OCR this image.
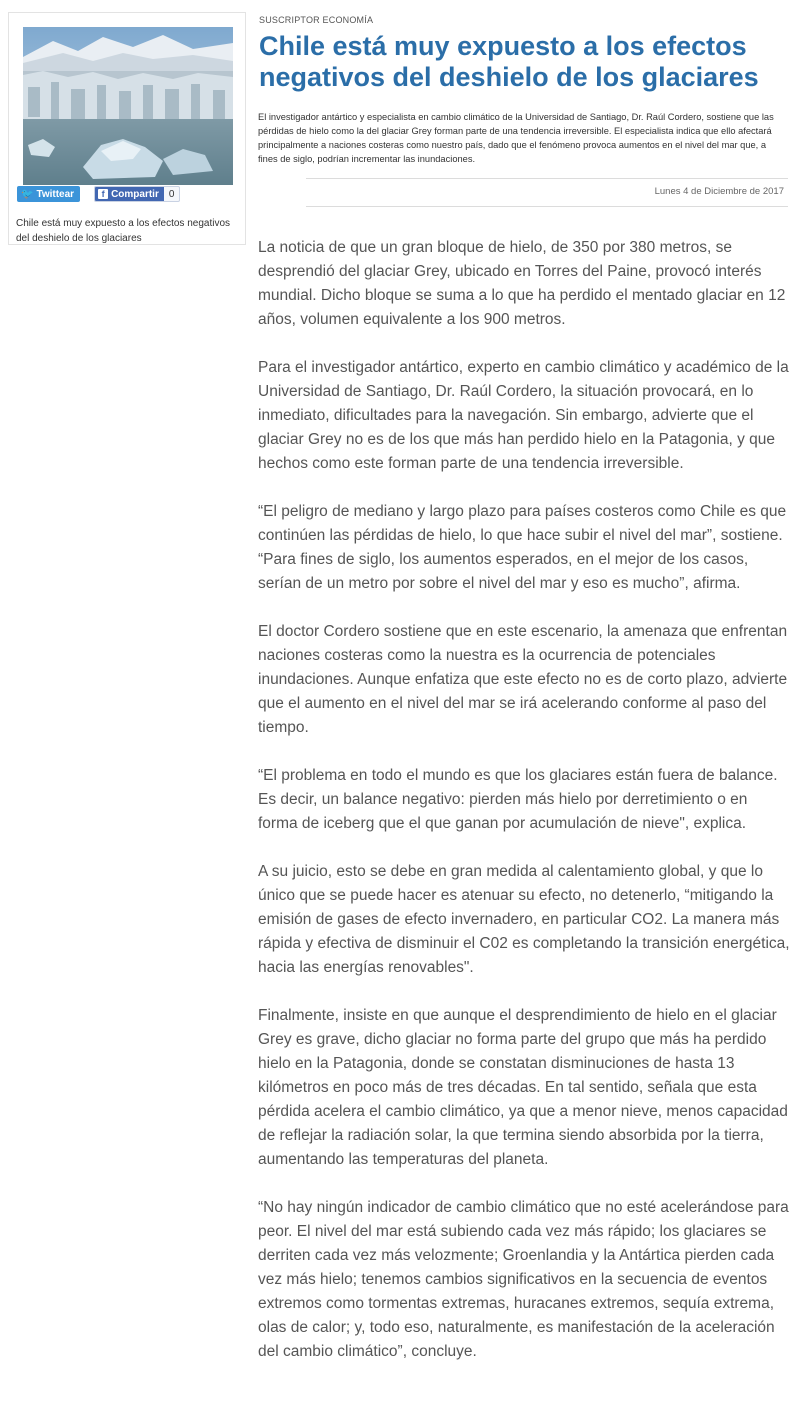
🐦 Twittear	f Compartir	0
Chile está muy expuesto a los efectos negativos del deshielo de los glaciares
SUSCRIPTOR ECONOMÍA
Chile está muy expuesto a los efectos negativos del deshielo de los glaciares

El investigador antártico y especialista en cambio climático de la Universidad de Santiago, Dr. Raúl Cordero, sostiene que las pérdidas de hielo como la del glaciar Grey forman parte de una tendencia irreversible. El especialista indica que ello afectará principalmente a naciones costeras como nuestro país, dado que el fenómeno provoca aumentos en el nivel del mar que, a fines de siglo, podrían incrementar las inundaciones.

Lunes 4 de Diciembre de 2017

La noticia de que un gran bloque de hielo, de 350 por 380 metros, se desprendió del glaciar Grey, ubicado en Torres del Paine, provocó interés mundial. Dicho bloque se suma a lo que ha perdido el mentado glaciar en 12 años, volumen equivalente a los 900 metros.

Para el investigador antártico, experto en cambio climático y académico de la Universidad de Santiago, Dr. Raúl Cordero, la situación provocará, en lo inmediato, dificultades para la navegación. Sin embargo, advierte que el glaciar Grey no es de los que más han perdido hielo en la Patagonia, y que hechos como este forman parte de una tendencia irreversible.

“El peligro de mediano y largo plazo para países costeros como Chile es que continúen las pérdidas de hielo, lo que hace subir el nivel del mar”, sostiene. “Para fines de siglo, los aumentos esperados, en el mejor de los casos, serían de un metro por sobre el nivel del mar y eso es mucho”, afirma.

El doctor Cordero sostiene que en este escenario, la amenaza que enfrentan naciones costeras como la nuestra es la ocurrencia de potenciales inundaciones. Aunque enfatiza que este efecto no es de corto plazo, advierte que el aumento en el nivel del mar se irá acelerando conforme al paso del tiempo.

“El problema en todo el mundo es que los glaciares están fuera de balance. Es decir, un balance negativo: pierden más hielo por derretimiento o en forma de iceberg que el que ganan por acumulación de nieve", explica.

A su juicio, esto se debe en gran medida al calentamiento global, y que lo único que se puede hacer es atenuar su efecto, no detenerlo, “mitigando la emisión de gases de efecto invernadero, en particular CO2. La manera más rápida y efectiva de disminuir el C02 es completando la transición energética, hacia las energías renovables".

Finalmente, insiste en que aunque el desprendimiento de hielo en el glaciar Grey es grave, dicho glaciar no forma parte del grupo que más ha perdido hielo en la Patagonia, donde se constatan disminuciones de hasta 13 kilómetros en poco más de tres décadas. En tal sentido, señala que esta pérdida acelera el cambio climático, ya que a menor nieve, menos capacidad de reflejar la radiación solar, la que termina siendo absorbida por la tierra, aumentando las temperaturas del planeta.

“No hay ningún indicador de cambio climático que no esté acelerándose para peor. El nivel del mar está subiendo cada vez más rápido; los glaciares se derriten cada vez más velozmente; Groenlandia y la Antártica pierden cada vez más hielo; tenemos cambios significativos en la secuencia de eventos extremos como tormentas extremas, huracanes extremos, sequía extrema, olas de calor; y, todo eso, naturalmente, es manifestación de la aceleración del cambio climático”, concluye.
